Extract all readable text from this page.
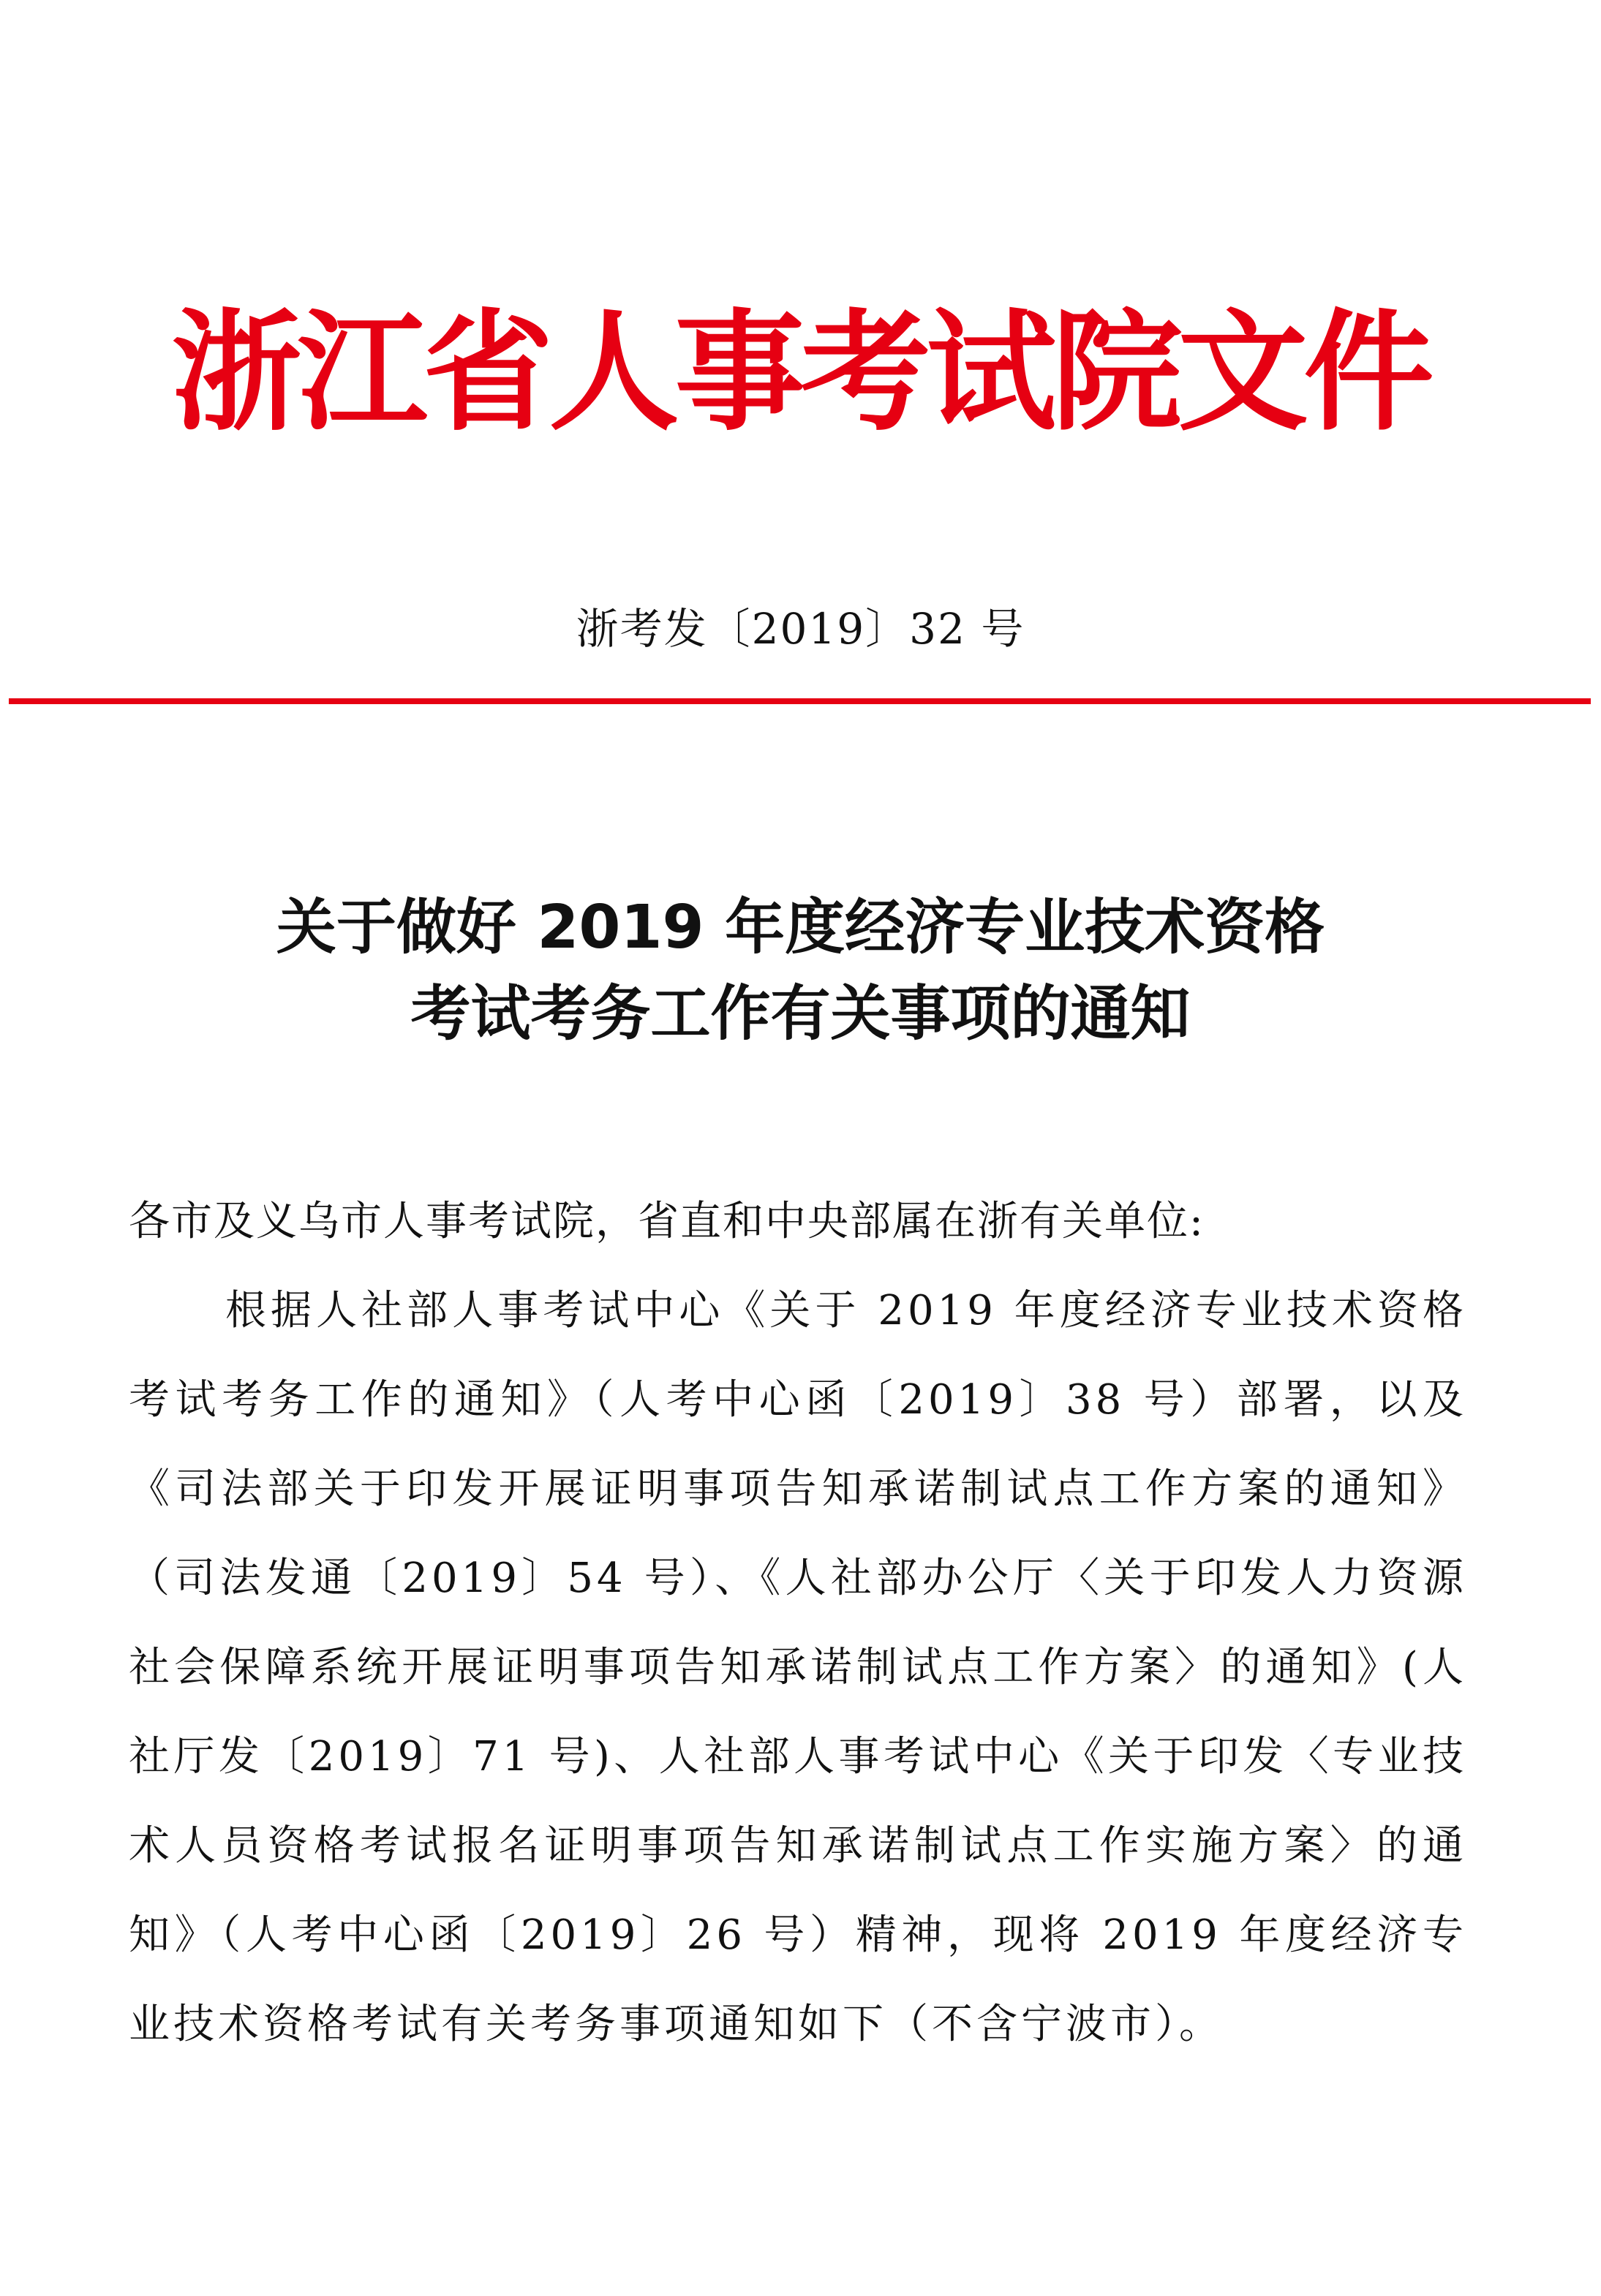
浙江省人事考试院文件
浙考发〔2019〕32 号
关于做好 2019 年度经济专业技术资格
考试考务工作有关事项的通知
各市及义乌市人事考试院，省直和中央部属在浙有关单位:
根据人社部人事考试中心《关于 2019 年度经济专业技术资格考试考务工作的通知》（人考中心函〔2019〕38 号）部署，以及《司法部关于印发开展证明事项告知承诺制试点工作方案的通知》（司法发通〔2019〕54 号）、《人社部办公厅〈关于印发人力资源社会保障系统开展证明事项告知承诺制试点工作方案〉的通知》(人社厅发〔2019〕71 号)、人社部人事考试中心《关于印发〈专业技术人员资格考试报名证明事项告知承诺制试点工作实施方案〉的通知》（人考中心函〔2019〕26 号）精神，现将 2019 年度经济专业技术资格考试有关考务事项通知如下（不含宁波市）。
